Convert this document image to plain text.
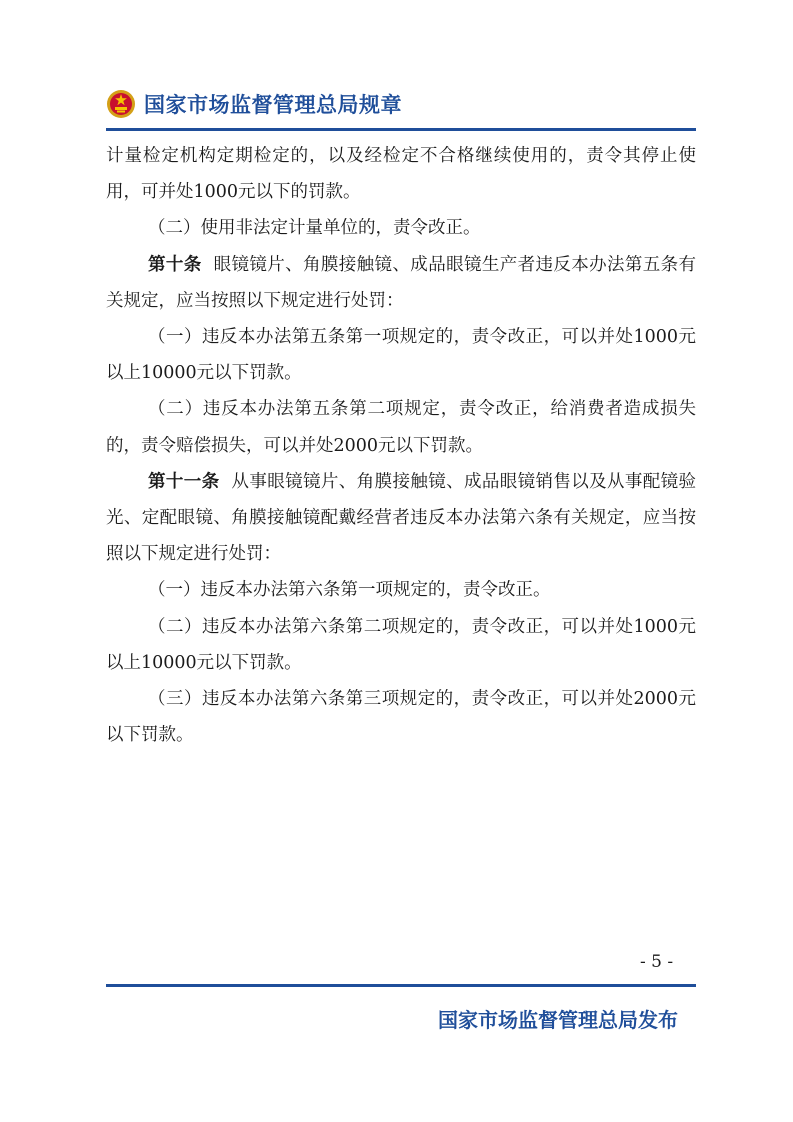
国家市场监督管理总局规章

计量检定机构定期检定的，以及经检定不合格继续使用的，责令其停止使用，可并处1000元以下的罚款。

（二）使用非法定计量单位的，责令改正。

第十条 眼镜镜片、角膜接触镜、成品眼镜生产者违反本办法第五条有关规定，应当按照以下规定进行处罚：

（一）违反本办法第五条第一项规定的，责令改正，可以并处1000元以上10000元以下罚款。

（二）违反本办法第五条第二项规定，责令改正，给消费者造成损失的，责令赔偿损失，可以并处2000元以下罚款。

第十一条 从事眼镜镜片、角膜接触镜、成品眼镜销售以及从事配镜验光、定配眼镜、角膜接触镜配戴经营者违反本办法第六条有关规定，应当按照以下规定进行处罚：

（一）违反本办法第六条第一项规定的，责令改正。

（二）违反本办法第六条第二项规定的，责令改正，可以并处1000元以上10000元以下罚款。

（三）违反本办法第六条第三项规定的，责令改正，可以并处2000元以下罚款。

- 5 -
国家市场监督管理总局发布
